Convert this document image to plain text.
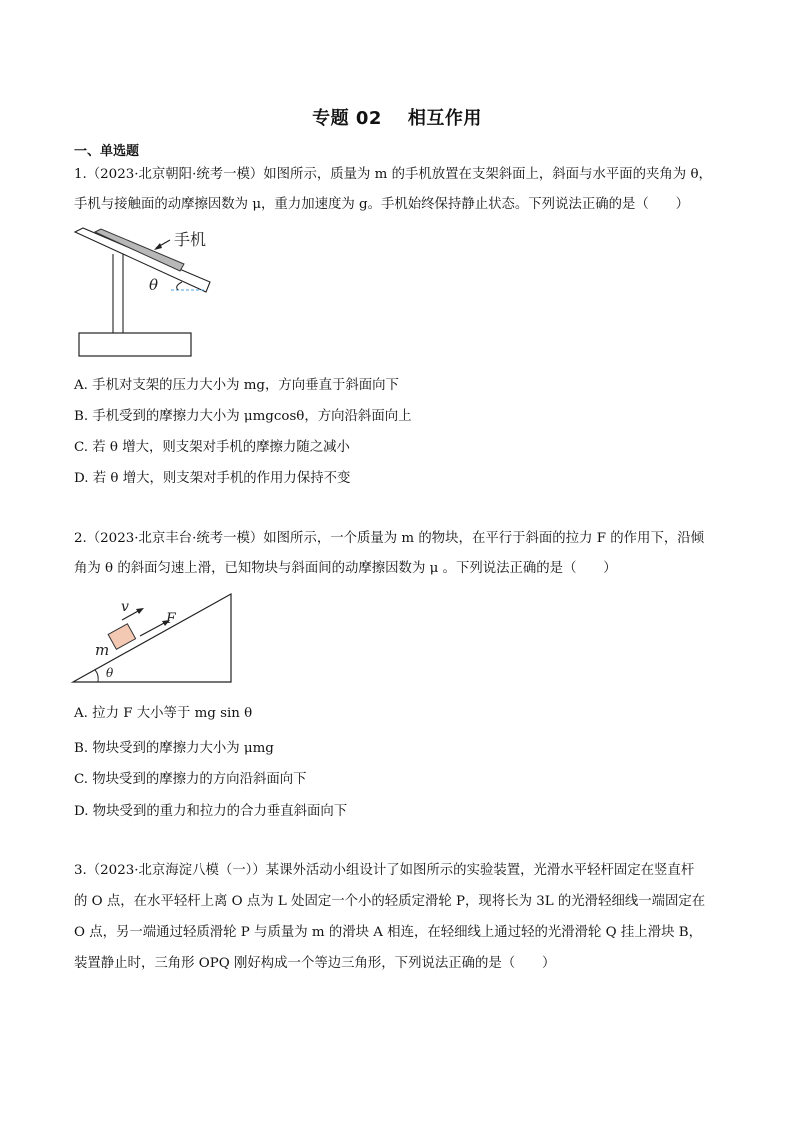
专题 02 相互作用
一、单选题
1.（2023·北京朝阳·统考一模）如图所示，质量为 m 的手机放置在支架斜面上，斜面与水平面的夹角为 θ，
手机与接触面的动摩擦因数为 μ，重力加速度为 g。手机始终保持静止状态。下列说法正确的是（　　）
手机
θ
A. 手机对支架的压力大小为 mg，方向垂直于斜面向下
B. 手机受到的摩擦力大小为 μmgcosθ，方向沿斜面向上
C. 若 θ 增大，则支架对手机的摩擦力随之减小
D. 若 θ 增大，则支架对手机的作用力保持不变
2.（2023·北京丰台·统考一模）如图所示，一个质量为 m 的物块，在平行于斜面的拉力 F 的作用下，沿倾
角为 θ 的斜面匀速上滑，已知物块与斜面间的动摩擦因数为 μ 。下列说法正确的是（　　）
v
F
m
θ
A. 拉力 F 大小等于 mg sin θ
B. 物块受到的摩擦力大小为 μmg
C. 物块受到的摩擦力的方向沿斜面向下
D. 物块受到的重力和拉力的合力垂直斜面向下
3.（2023·北京海淀八模（一））某课外活动小组设计了如图所示的实验装置，光滑水平轻杆固定在竖直杆
的 O 点，在水平轻杆上离 O 点为 L 处固定一个小的轻质定滑轮 P，现将长为 3L 的光滑轻细线一端固定在
O 点，另一端通过轻质滑轮 P 与质量为 m 的滑块 A 相连，在轻细线上通过轻的光滑滑轮 Q 挂上滑块 B，
装置静止时，三角形 OPQ 刚好构成一个等边三角形，下列说法正确的是（　　）
